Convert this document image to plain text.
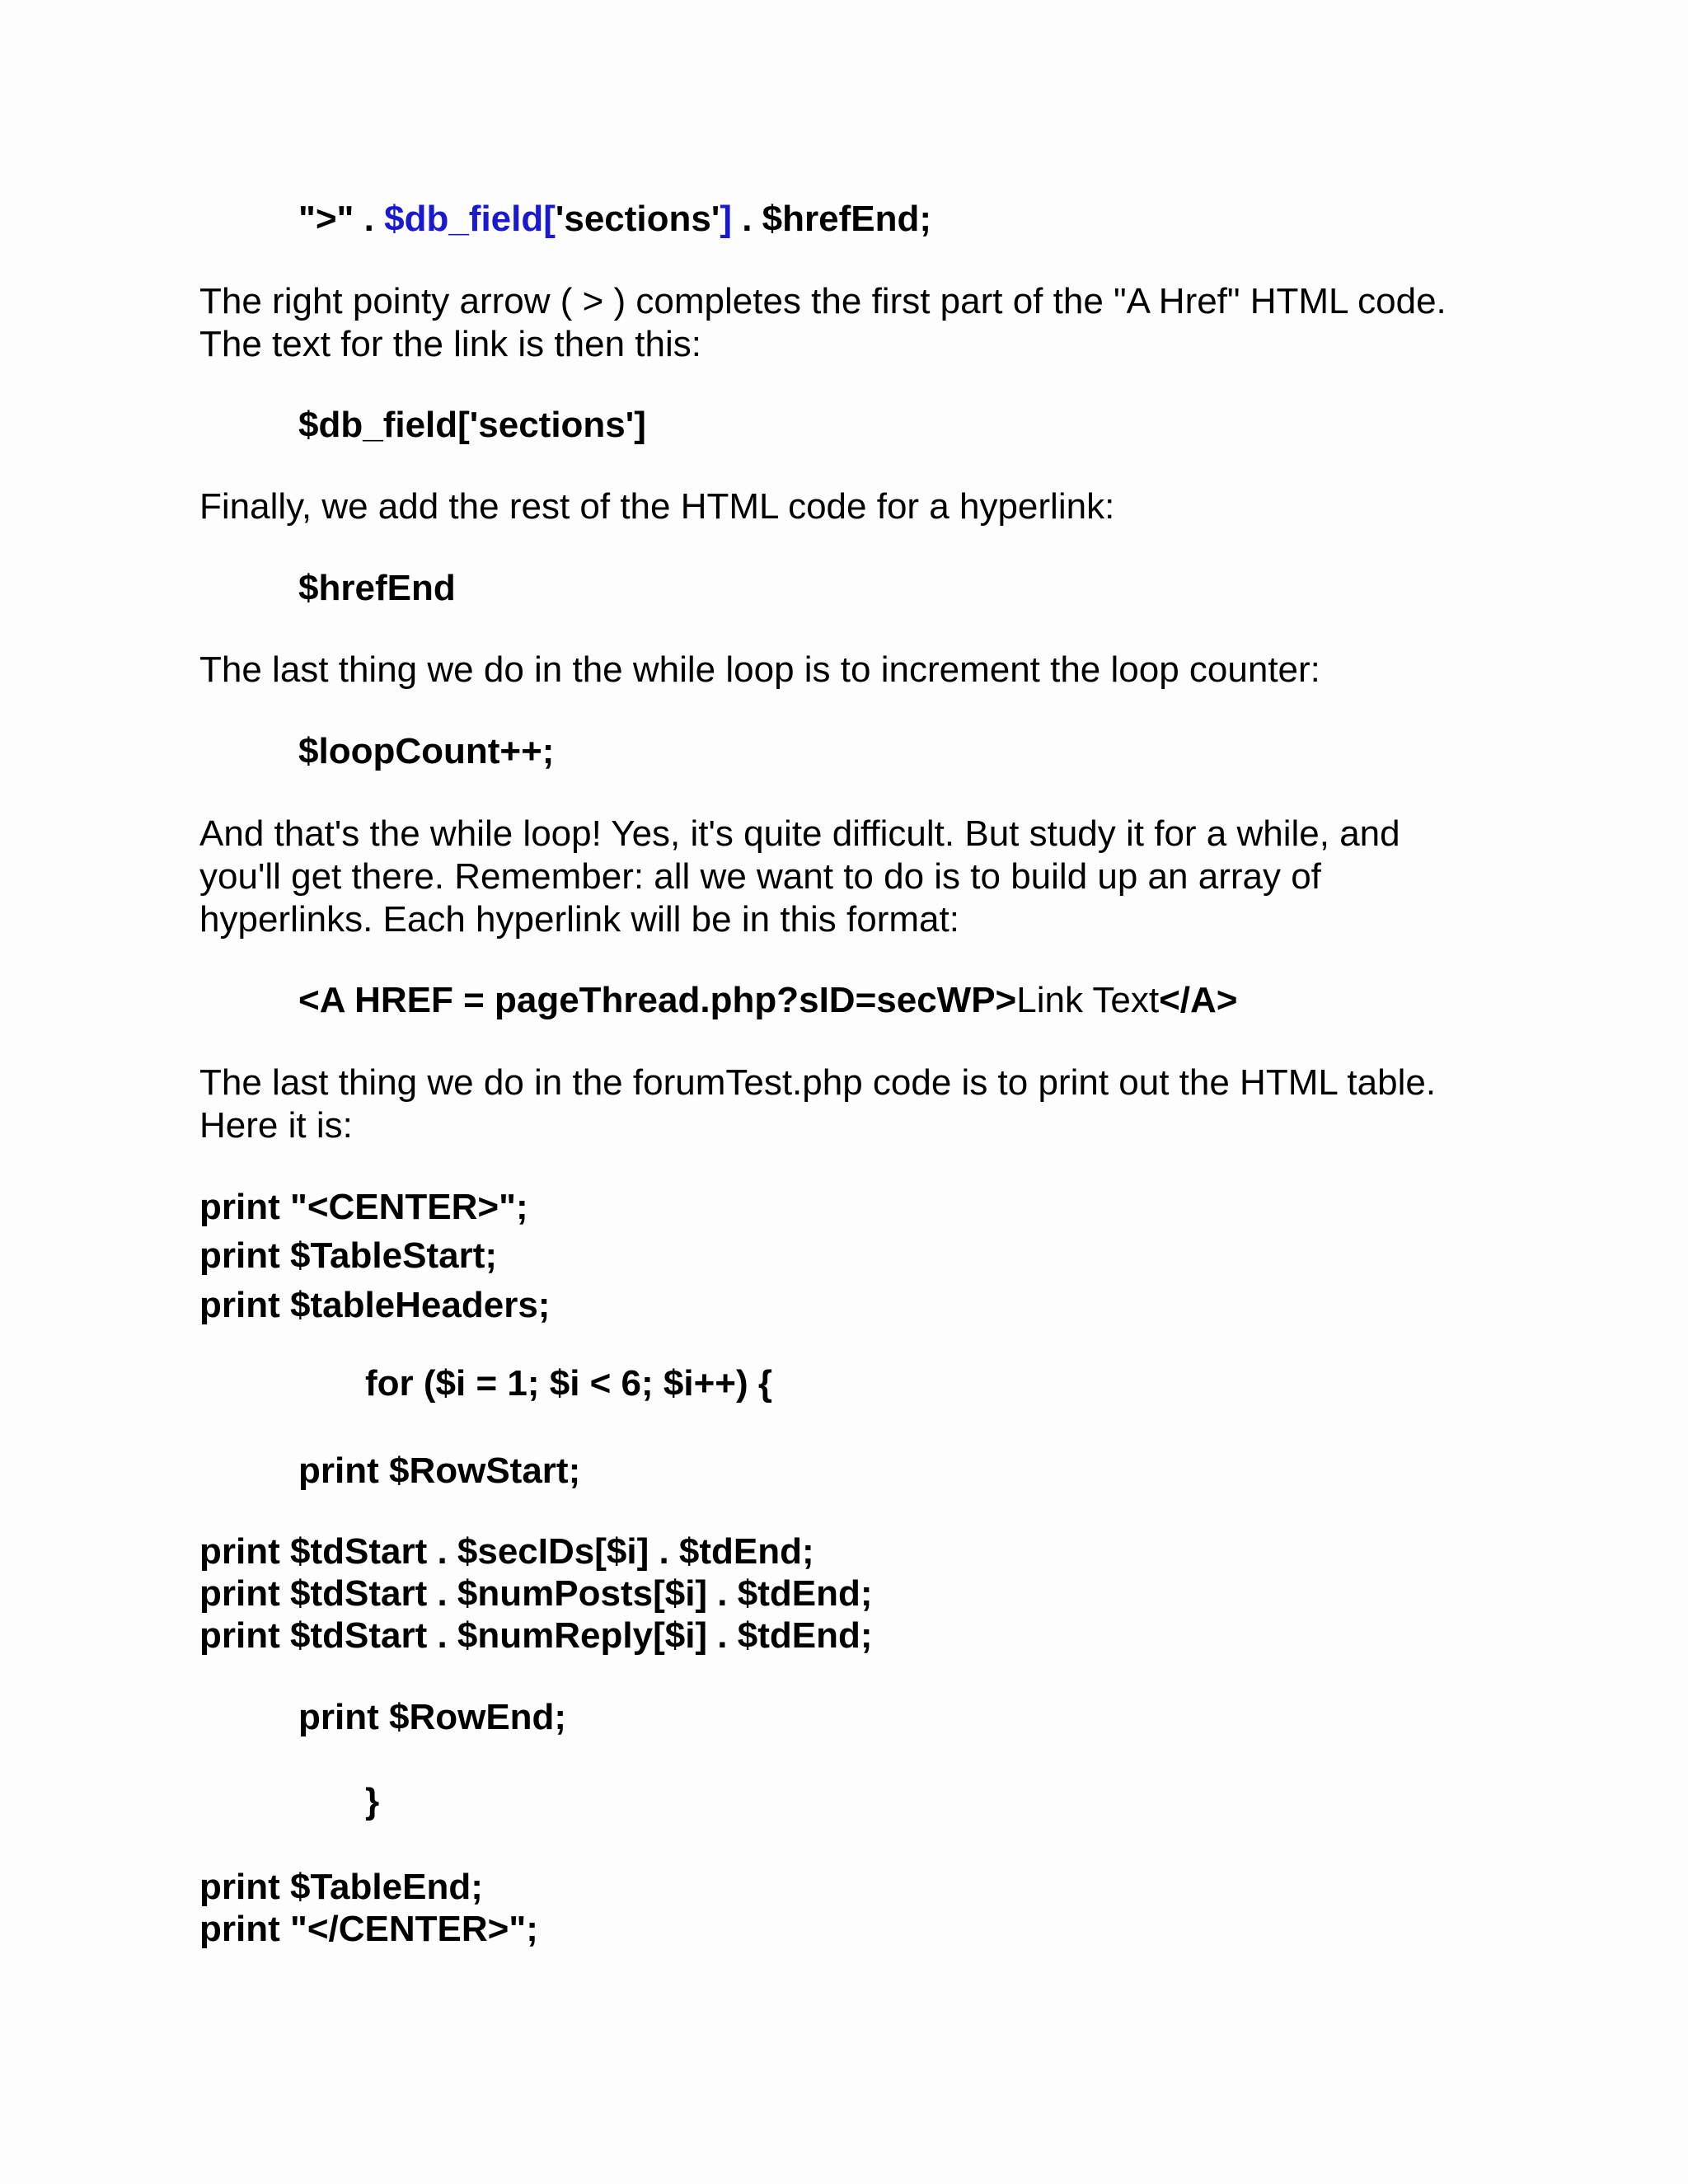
">" . $db_field['sections'] . $hrefEnd;
The right pointy arrow ( > ) completes the first part of the "A Href" HTML code.
The text for the link is then this:
$db_field['sections']
Finally, we add the rest of the HTML code for a hyperlink:
$hrefEnd
The last thing we do in the while loop is to increment the loop counter:
$loopCount++;
And that's the while loop! Yes, it's quite difficult. But study it for a while, and
you'll get there. Remember: all we want to do is to build up an array of
hyperlinks. Each hyperlink will be in this format:
<A HREF = pageThread.php?sID=secWP>Link Text</A>
The last thing we do in the forumTest.php code is to print out the HTML table.
Here it is:
print "<CENTER>";
print $TableStart;
print $tableHeaders;
for ($i = 1; $i < 6; $i++) {
print $RowStart;
print $tdStart . $secIDs[$i] . $tdEnd;
print $tdStart . $numPosts[$i] . $tdEnd;
print $tdStart . $numReply[$i] . $tdEnd;
print $RowEnd;
}
print $TableEnd;
print "</CENTER>";
